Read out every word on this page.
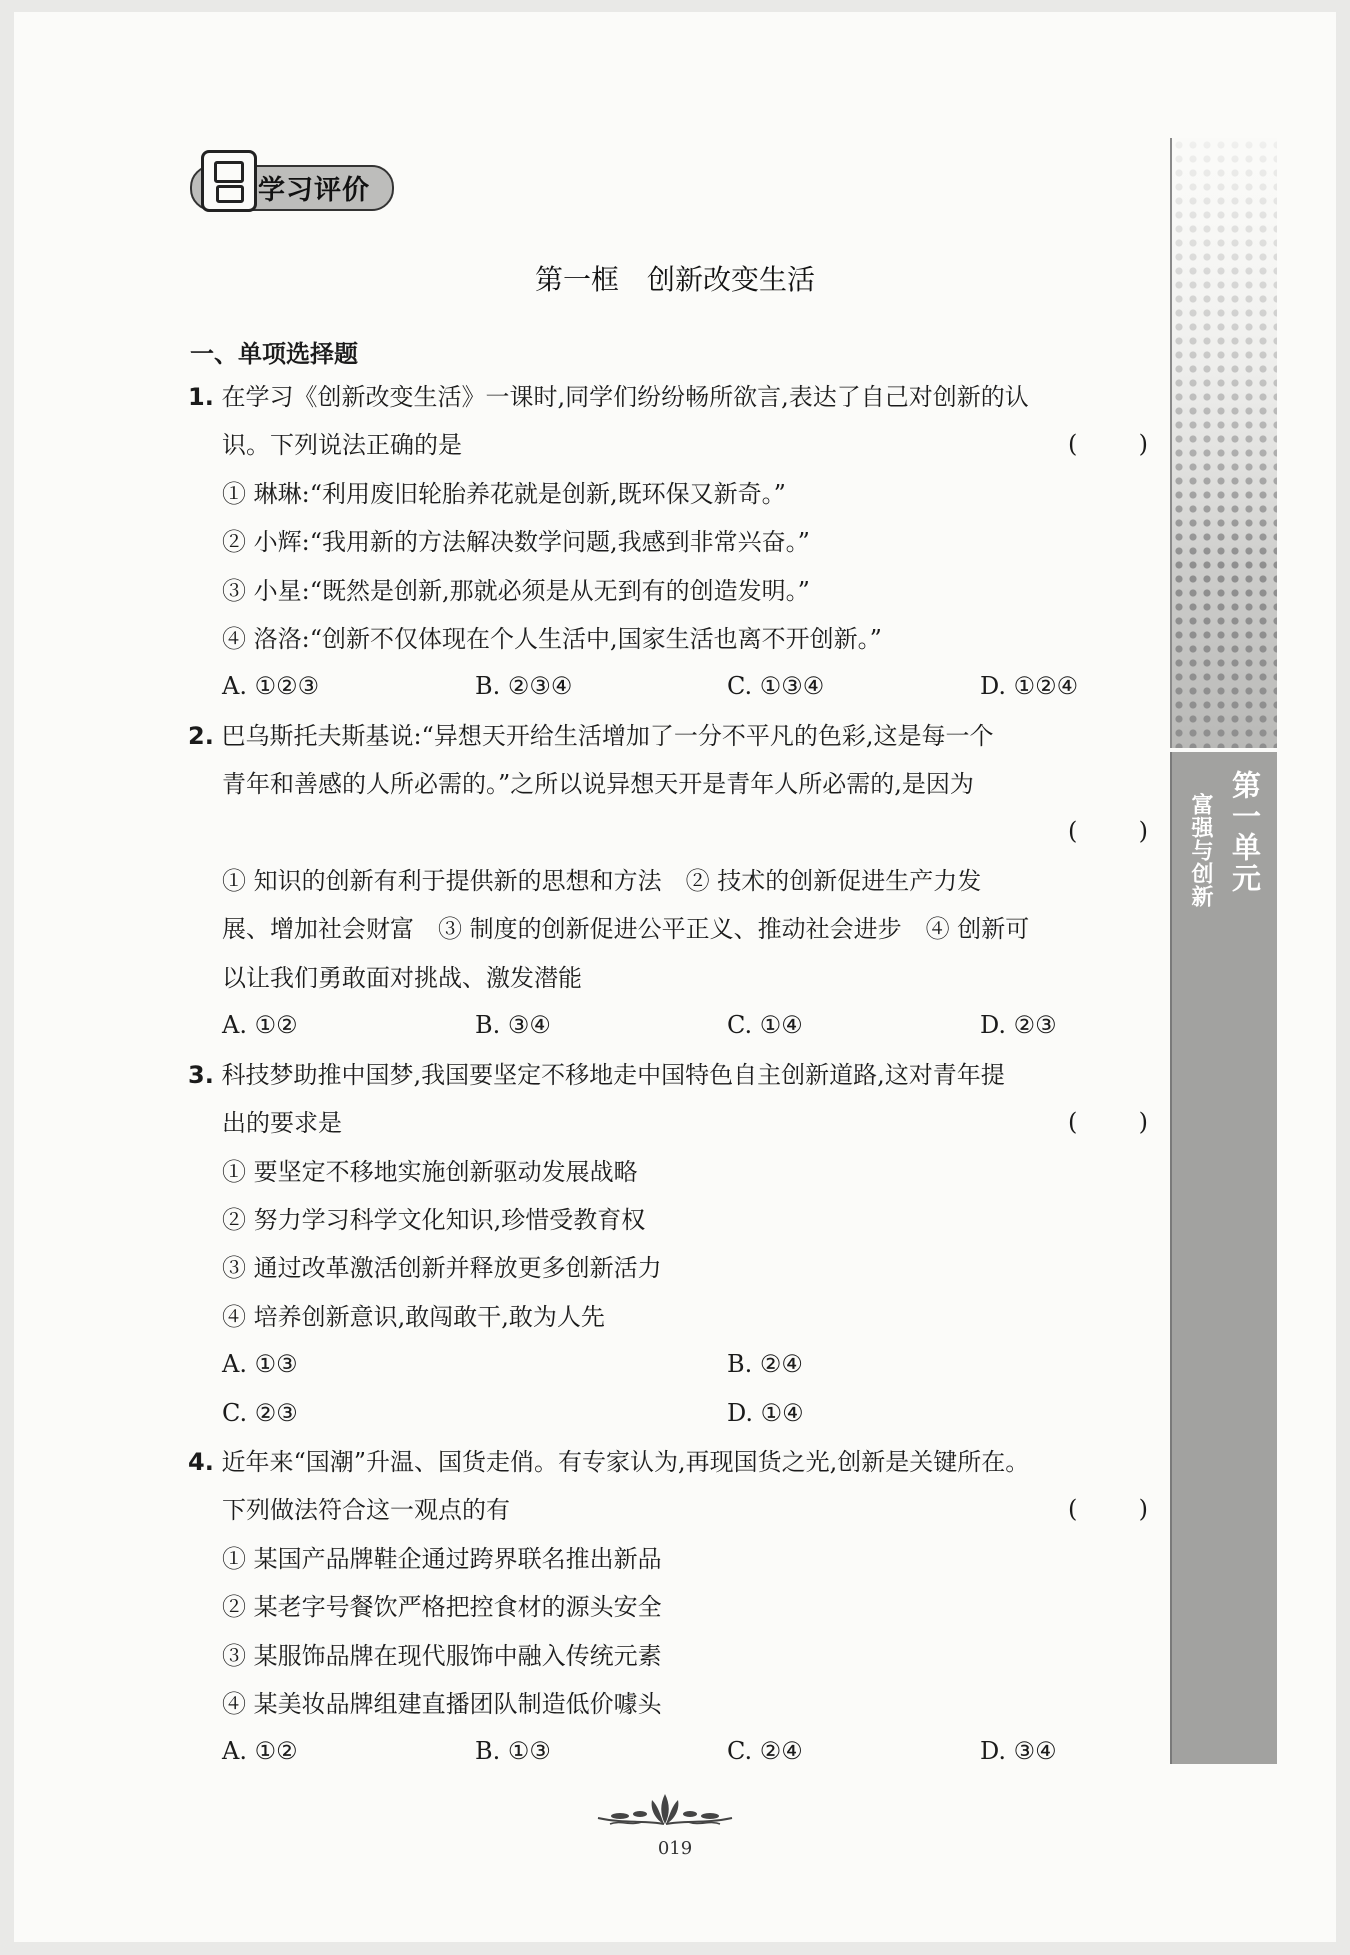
第一单元
富强与创新
学习评价
第一框 创新改变生活
一、单项选择题
1. 在学习《创新改变生活》一课时,同学们纷纷畅所欲言,表达了自己对创新的认
识。下列说法正确的是	(	)
① 琳琳:“利用废旧轮胎养花就是创新,既环保又新奇。”
② 小辉:“我用新的方法解决数学问题,我感到非常兴奋。”
③ 小星:“既然是创新,那就必须是从无到有的创造发明。”
④ 洛洛:“创新不仅体现在个人生活中,国家生活也离不开创新。”
A. ①②③	B. ②③④	C. ①③④	D. ①②④
2. 巴乌斯托夫斯基说:“异想天开给生活增加了一分不平凡的色彩,这是每一个
青年和善感的人所必需的。”之所以说异想天开是青年人所必需的,是因为
(	)
① 知识的创新有利于提供新的思想和方法　② 技术的创新促进生产力发
展、增加社会财富　③ 制度的创新促进公平正义、推动社会进步　④ 创新可
以让我们勇敢面对挑战、激发潜能
A. ①②	B. ③④	C. ①④	D. ②③
3. 科技梦助推中国梦,我国要坚定不移地走中国特色自主创新道路,这对青年提
出的要求是	(	)
① 要坚定不移地实施创新驱动发展战略
② 努力学习科学文化知识,珍惜受教育权
③ 通过改革激活创新并释放更多创新活力
④ 培养创新意识,敢闯敢干,敢为人先
A. ①③	B. ②④
C. ②③	D. ①④
4. 近年来“国潮”升温、国货走俏。有专家认为,再现国货之光,创新是关键所在。
下列做法符合这一观点的有	(	)
① 某国产品牌鞋企通过跨界联名推出新品
② 某老字号餐饮严格把控食材的源头安全
③ 某服饰品牌在现代服饰中融入传统元素
④ 某美妆品牌组建直播团队制造低价噱头
A. ①②	B. ①③	C. ②④	D. ③④
019
